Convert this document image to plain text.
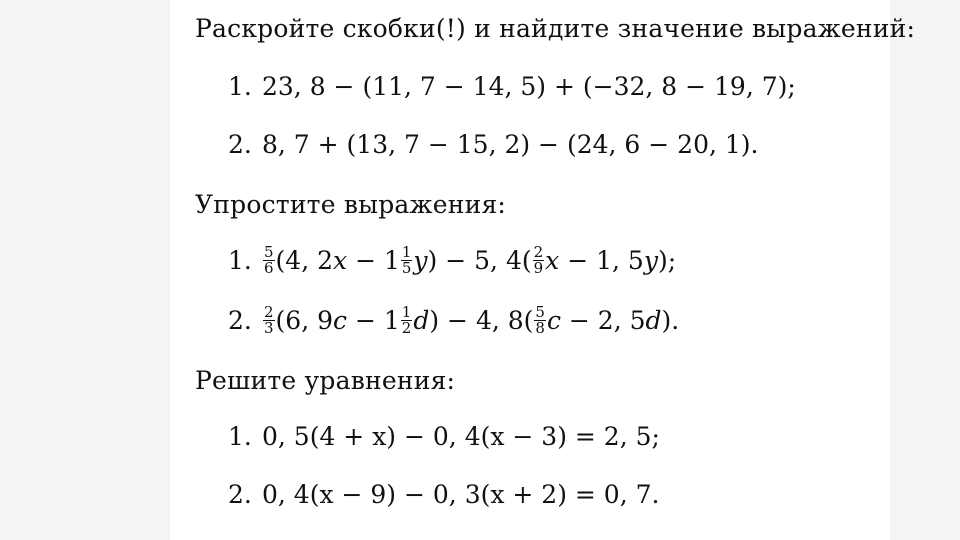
Раскройте скобки(!) и найдите значение выражений:
1. 23, 8 − (11, 7 − 14, 5) + (−32, 8 − 19, 7);
2. 8, 7 + (13, 7 − 15, 2) − (24, 6 − 20, 1).
Упростите выражения:
1. $\frac{5}{6} (4$, $2x - 1 \frac{1}{5} y) - 5$, $4( \frac{2}{9}$ x − 1, 5y);
2. $\frac{2}{3} (6$, $9c - 1 \frac{1}{2} d) - 4$, $8( \frac{5}{8}$ c − 2, 5d).
Решите уравнения:
1. 0, 5(4 + x) − 0, 4(x − 3) = 2, 5;
2. 0, 4(x − 9) − 0, 3(x + 2) = 0, 7.
